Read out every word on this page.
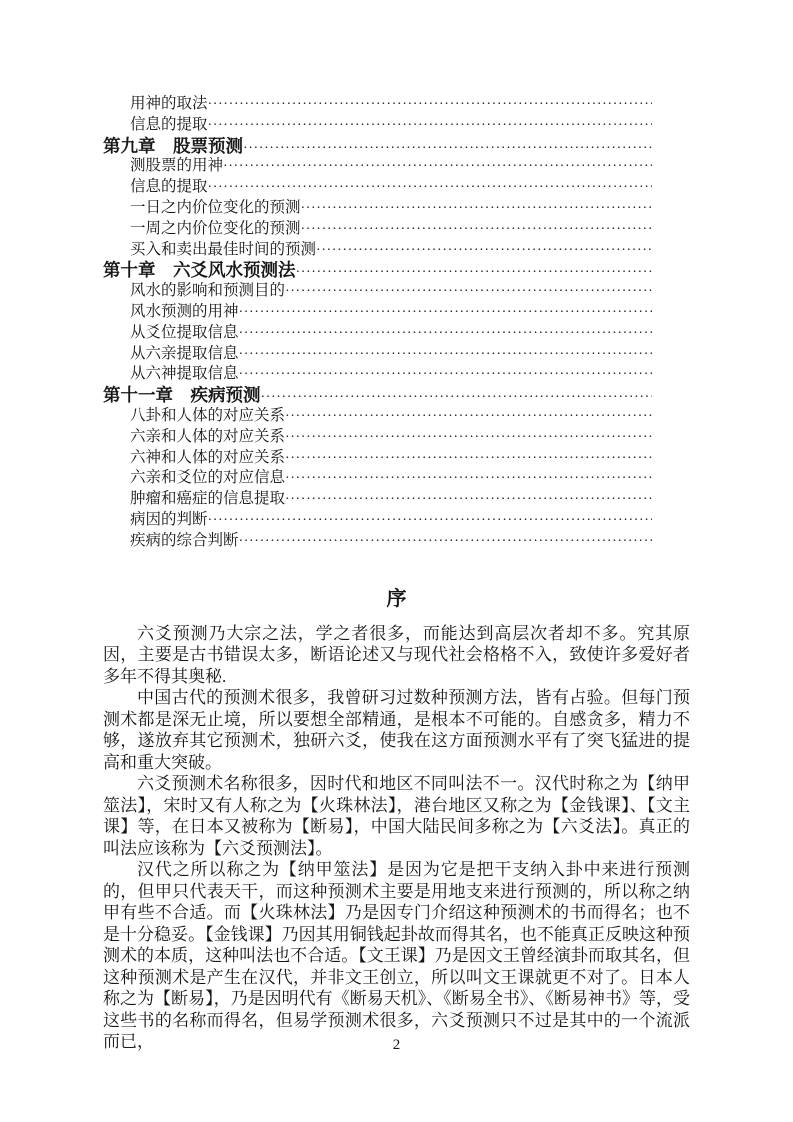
用神的取法
·····
信息的提取
·····
第九章　股票预测
·····
测股票的用神
·····
信息的提取
·····
一日之内价位变化的预测
·····
一周之内价位变化的预测
·····
买入和卖出最佳时间的预测
·····
第十章　六爻风水预测法
·····
风水的影响和预测目的
·····
风水预测的用神
·····
从爻位提取信息
·····
从六亲提取信息
·····
从六神提取信息
·····
第十一章　疾病预测
·····
八卦和人体的对应关系
·····
六亲和人体的对应关系
·····
六神和人体的对应关系
·····
六亲和爻位的对应信息
·····
肿瘤和癌症的信息提取
·····
病因的判断
·····
疾病的综合判断
·····
序

六爻预测乃大宗之法，学之者很多，而能达到高层次者却不多。究其原因，主要是古书错误太多，断语论述又与现代社会格格不入，致使许多爱好者多年不得其奥秘.

中国古代的预测术很多，我曾研习过数种预测方法，皆有占验。但每门预测术都是深无止境，所以要想全部精通，是根本不可能的。自感贪多，精力不够，遂放弃其它预测术，独研六爻，使我在这方面预测水平有了突飞猛进的提高和重大突破。

六爻预测术名称很多，因时代和地区不同叫法不一。汉代时称之为【纳甲筮法】，宋时又有人称之为【火珠林法】，港台地区又称之为【金钱课】、【文主课】等，在日本又被称为【断易】，中国大陆民间多称之为【六爻法】。真正的叫法应该称为【六爻预测法】。

汉代之所以称之为【纳甲筮法】是因为它是把干支纳入卦中来进行预测的，但甲只代表天干，而这种预测术主要是用地支来进行预测的，所以称之纳甲有些不合适。而【火珠林法】乃是因专门介绍这种预测术的书而得名；也不是十分稳妥。【金钱课】乃因其用铜钱起卦故而得其名，也不能真正反映这种预测术的本质，这种叫法也不合适。【文王课】乃是因文王曾经演卦而取其名，但这种预测术是产生在汉代，并非文王创立，所以叫文王课就更不对了。日本人称之为【断易】，乃是因明代有《断易天机》、《断易全书》、《断易神书》等，受这些书的名称而得名，但易学预测术很多，六爻预测只不过是其中的一个流派而已，	2
